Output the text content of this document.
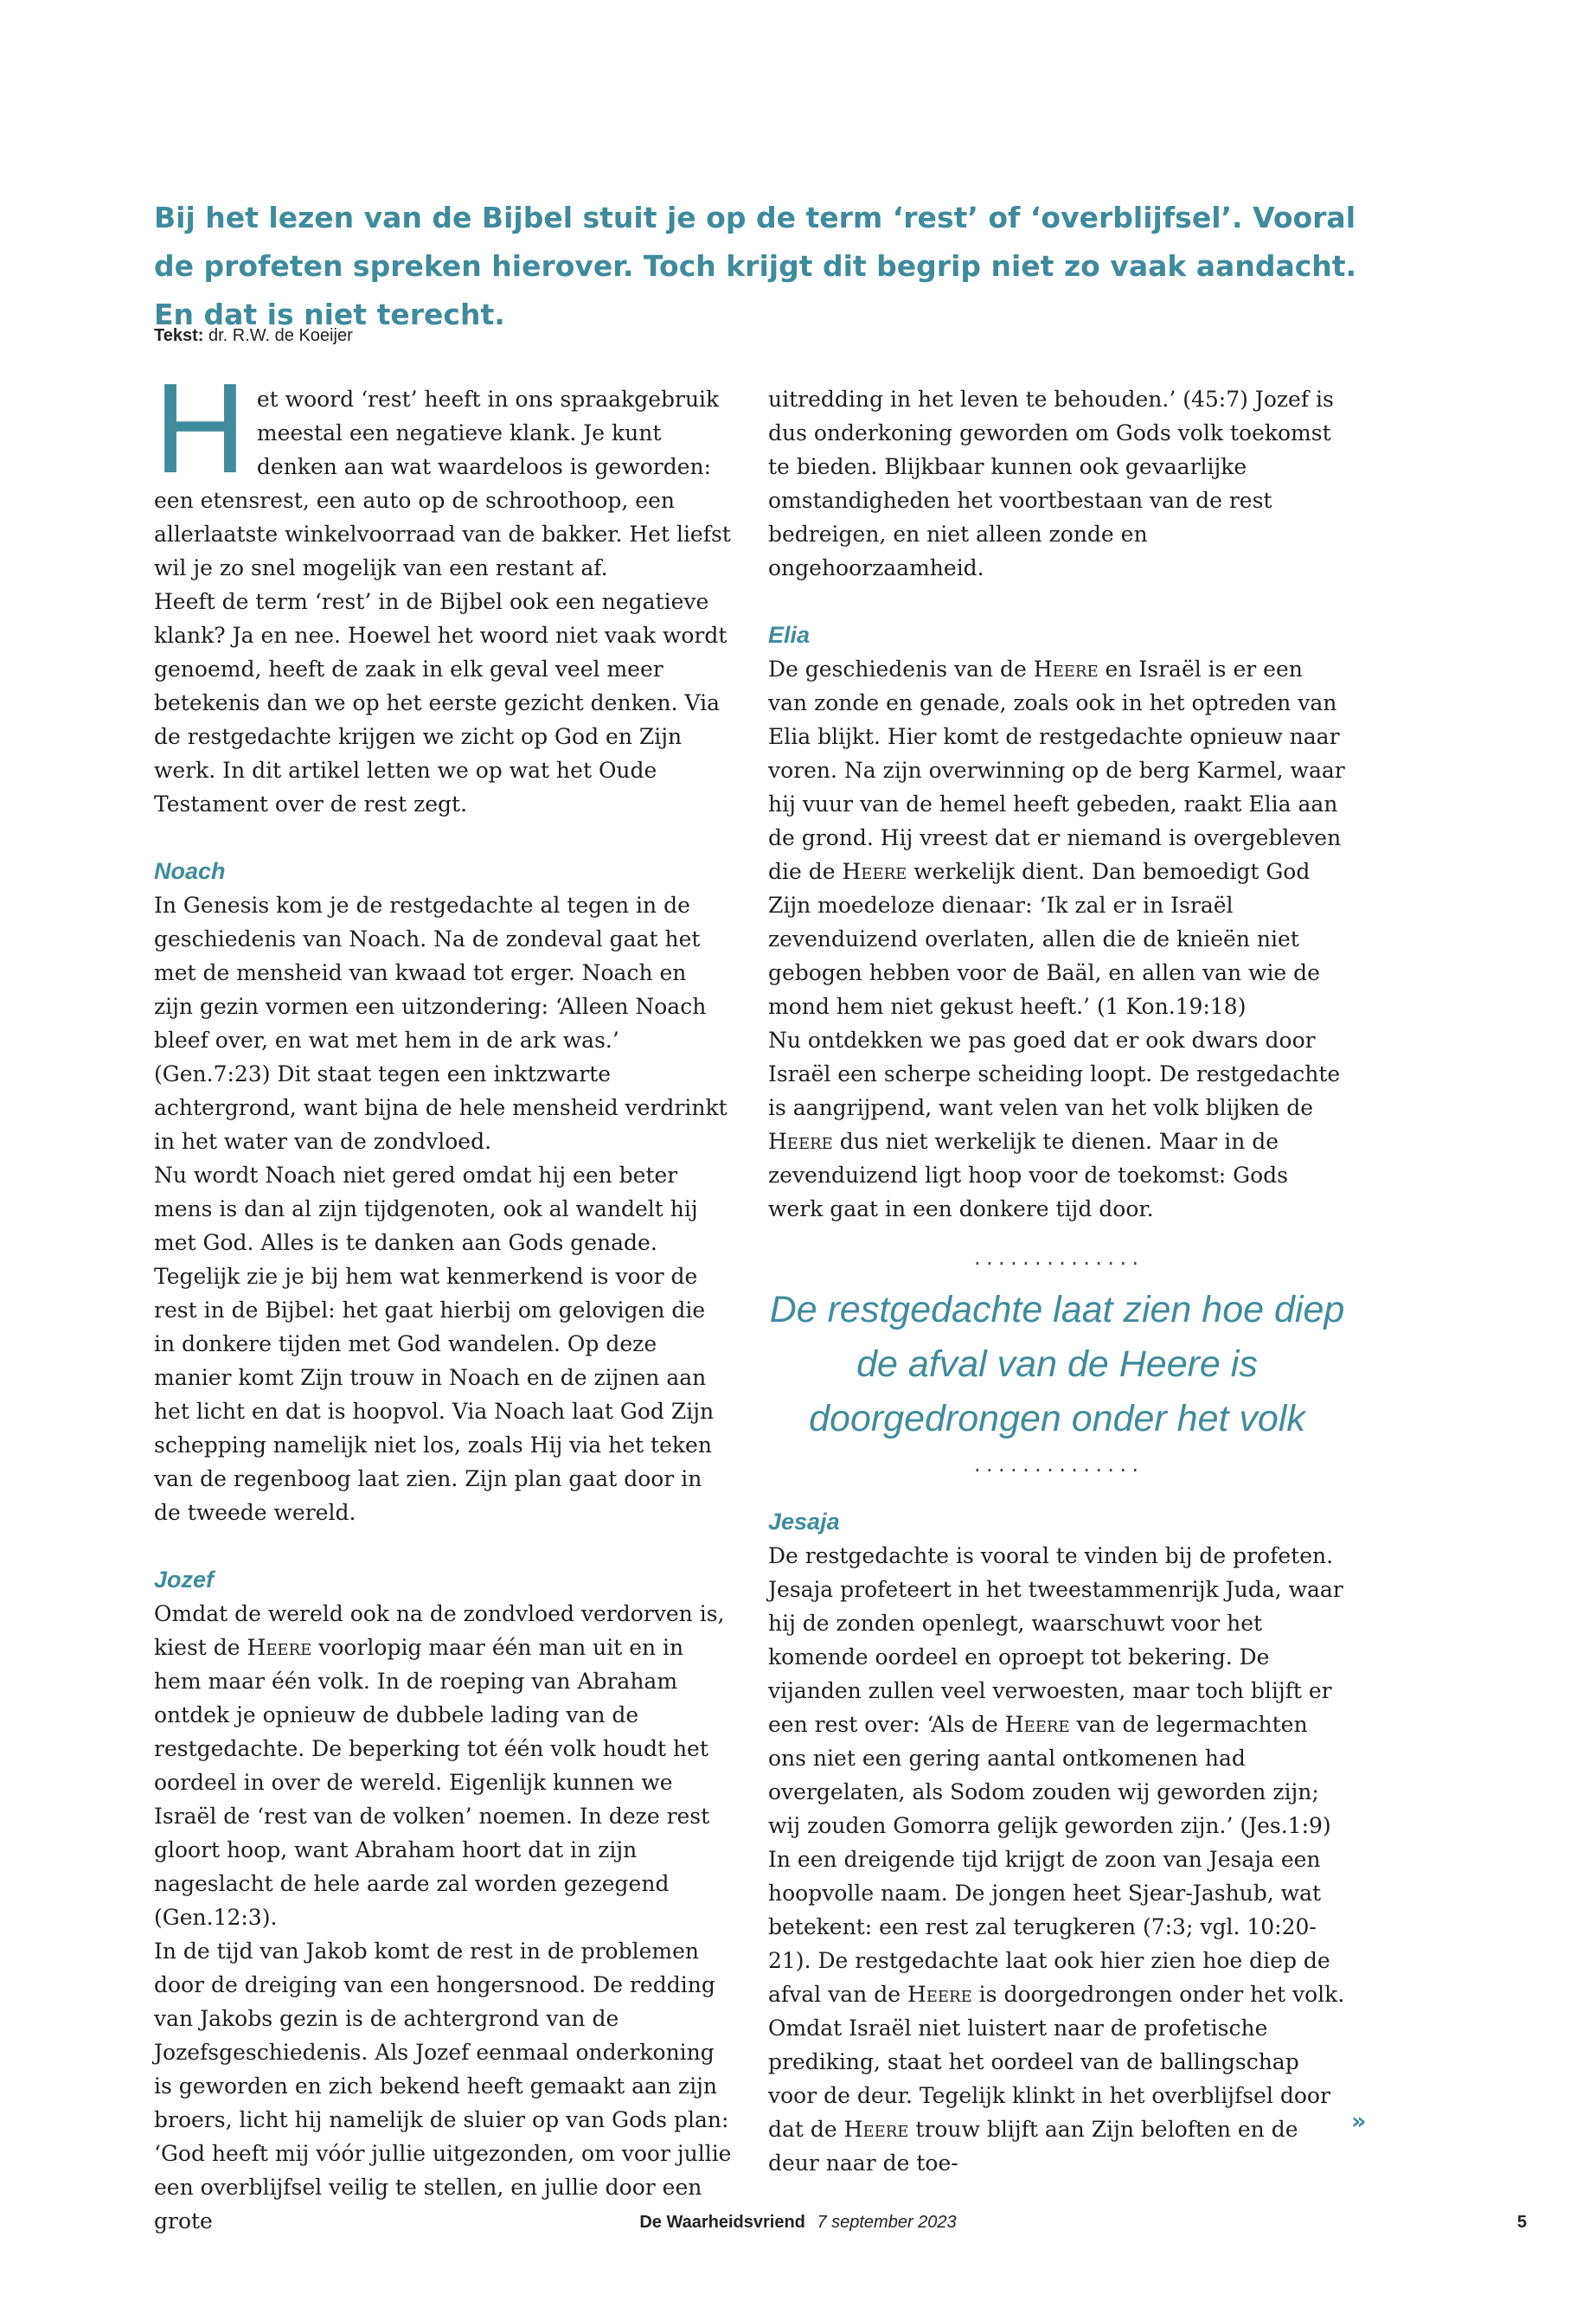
Bij het lezen van de Bijbel stuit je op de term ‘rest’ of ‘overblijfsel’. Vooral de profeten spreken hierover. Toch krijgt dit begrip niet zo vaak aandacht. En dat is niet terecht.

Tekst: dr. R.W. de Koeijer
H et woord ‘rest’ heeft in ons spraakgebruik meestal een negatieve klank. Je kunt denken aan wat waardeloos is geworden: een etensrest, een auto op de schroothoop, een allerlaatste winkelvoorraad van de bakker. Het liefst wil je zo snel mogelijk van een restant af.

Heeft de term ‘rest’ in de Bijbel ook een negatieve klank? Ja en nee. Hoewel het woord niet vaak wordt genoemd, heeft de zaak in elk geval veel meer betekenis dan we op het eerste gezicht denken. Via de restgedachte krijgen we zicht op God en Zijn werk. In dit artikel letten we op wat het Oude Testament over de rest zegt.

Noach

In Genesis kom je de restgedachte al tegen in de geschiedenis van Noach. Na de zondeval gaat het met de mensheid van kwaad tot erger. Noach en zijn gezin vormen een uitzondering: ‘Alleen Noach bleef over, en wat met hem in de ark was.’ (Gen.7:23) Dit staat tegen een inktzwarte achtergrond, want bijna de hele mensheid verdrinkt in het water van de zondvloed.

Nu wordt Noach niet gered omdat hij een beter mens is dan al zijn tijdgenoten, ook al wandelt hij met God. Alles is te danken aan Gods genade. Tegelijk zie je bij hem wat kenmerkend is voor de rest in de Bijbel: het gaat hierbij om gelovigen die in donkere tijden met God wandelen. Op deze manier komt Zijn trouw in Noach en de zijnen aan het licht en dat is hoopvol. Via Noach laat God Zijn schepping namelijk niet los, zoals Hij via het teken van de regenboog laat zien. Zijn plan gaat door in de tweede wereld.

Jozef

Omdat de wereld ook na de zondvloed verdorven is, kiest de Heere voorlopig maar één man uit en in hem maar één volk. In de roeping van Abraham ontdek je opnieuw de dubbele lading van de restgedachte. De beperking tot één volk houdt het oordeel in over de wereld. Eigenlijk kunnen we Israël de ‘rest van de volken’ noemen. In deze rest gloort hoop, want Abraham hoort dat in zijn nageslacht de hele aarde zal worden gezegend (Gen.12:3).

In de tijd van Jakob komt de rest in de problemen door de dreiging van een hongersnood. De redding van Jakobs gezin is de achtergrond van de Jozefsgeschiedenis. Als Jozef eenmaal onderkoning is geworden en zich bekend heeft gemaakt aan zijn broers, licht hij namelijk de sluier op van Gods plan: ‘God heeft mij vóór jullie uitgezonden, om voor jullie een overblijfsel veilig te stellen, en jullie door een grote

uitredding in het leven te behouden.’ (45:7) Jozef is dus onderkoning geworden om Gods volk toekomst te bieden. Blijkbaar kunnen ook gevaarlijke omstandigheden het voortbestaan van de rest bedreigen, en niet alleen zonde en ongehoorzaamheid.

Elia

De geschiedenis van de Heere en Israël is er een van zonde en genade, zoals ook in het optreden van Elia blijkt. Hier komt de restgedachte opnieuw naar voren. Na zijn overwinning op de berg Karmel, waar hij vuur van de hemel heeft gebeden, raakt Elia aan de grond. Hij vreest dat er niemand is overgebleven die de Heere werkelijk dient. Dan bemoedigt God Zijn moedeloze dienaar: ‘Ik zal er in Israël zevenduizend overlaten, allen die de knieën niet gebogen hebben voor de Baäl, en allen van wie de mond hem niet gekust heeft.’ (1 Kon.19:18)

Nu ontdekken we pas goed dat er ook dwars door Israël een scherpe scheiding loopt. De restgedachte is aangrijpend, want velen van het volk blijken de Heere dus niet werkelijk te dienen. Maar in de zevenduizend ligt hoop voor de toekomst: Gods werk gaat in een donkere tijd door.

..............
De restgedachte laat zien hoe diep de afval van de Heere is doorgedrongen onder het volk
..............

Jesaja

De restgedachte is vooral te vinden bij de profeten. Jesaja profeteert in het tweestammenrijk Juda, waar hij de zonden openlegt, waarschuwt voor het komende oordeel en oproept tot bekering. De vijanden zullen veel verwoesten, maar toch blijft er een rest over: ‘Als de Heere van de legermachten ons niet een gering aantal ontkomenen had overgelaten, als Sodom zouden wij geworden zijn; wij zouden Gomorra gelijk geworden zijn.’ (Jes.1:9)

In een dreigende tijd krijgt de zoon van Jesaja een hoopvolle naam. De jongen heet Sjear-Jashub, wat betekent: een rest zal terugkeren (7:3; vgl. 10:20-21). De restgedachte laat ook hier zien hoe diep de afval van de Heere is doorgedrongen onder het volk. Omdat Israël niet luistert naar de profetische prediking, staat het oordeel van de ballingschap voor de deur. Tegelijk klinkt in het overblijfsel door dat de Heere trouw blijft aan Zijn beloften en de deur naar de toe-

»
De Waarheidsvriend 7 september 2023	5
